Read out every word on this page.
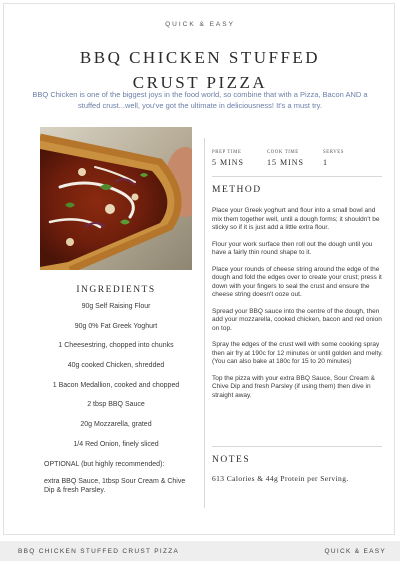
QUICK & EASY
BBQ CHICKEN STUFFED
CRUST PIZZA
BBQ Chicken is one of the biggest joys in the food world, so combine that with a Pizza, Bacon AND a stuffed crust...well, you've got the ultimate in deliciousness! It's a must try.
INGREDIENTS
90g Self Raising Flour
90g 0% Fat Greek Yoghurt
1 Cheesestring, chopped into chunks
40g cooked Chicken, shredded
1 Bacon Medallion, cooked and chopped
2 tbsp BBQ Sauce
20g Mozzarella, grated
1/4 Red Onion, finely sliced

OPTIONAL (but highly recommended):

extra BBQ Sauce, 1tbsp Sour Cream & Chive Dip & fresh Parsley.

PREP TIME
5 MINS
COOK TIME
15 MINS
SERVES
1
METHOD

Place your Greek yoghurt and flour into a small bowl and mix them together well, until a dough forms; it shouldn't be sticky so if it is just add a little extra flour.

Flour your work surface then roll out the dough until you have a fairly thin round shape to it.

Place your rounds of cheese string around the edge of the dough and fold the edges over to create your crust; press it down with your fingers to seal the crust and ensure the cheese string doesn't ooze out.

Spread your BBQ sauce into the centre of the dough, then add your mozzarella, cooked chicken, bacon and red onion on top.

Spray the edges of the crust well with some cooking spray then air fry at 190c for 12 minutes or until golden and melty. (You can also bake at 180c for 15 to 20 minutes)

Top the pizza with your extra BBQ Sauce, Sour Cream & Chive Dip and fresh Parsley (if using them) then dive in straight away.

NOTES
613 Calories & 44g Protein per Serving.
BBQ CHICKEN STUFFED CRUST PIZZA	QUICK & EASY
